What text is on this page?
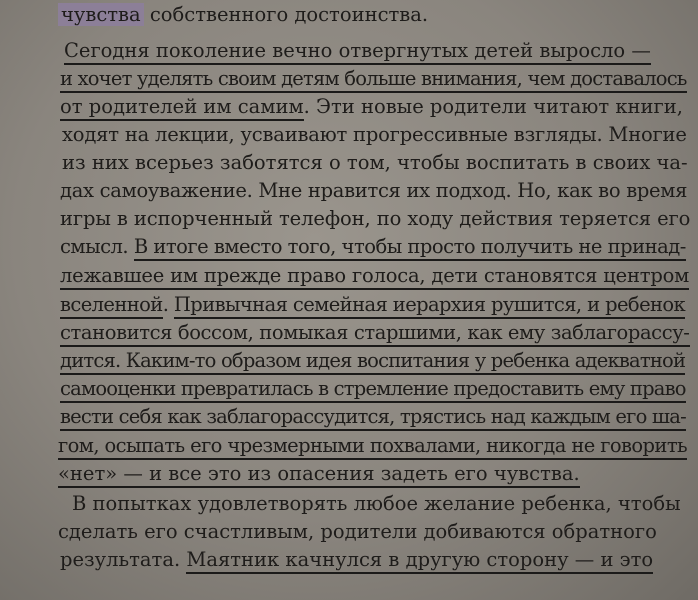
чувства собственного достоинства.
Сегодня поколение вечно отвергнутых детей выросло —
и хочет уделять своим детям больше внимания, чем доставалось
от родителей им самим. Эти новые родители читают книги,
ходят на лекции, усваивают прогрессивные взгляды. Многие
из них всерьез заботятся о том, чтобы воспитать в своих ча-
дах самоуважение. Мне нравится их подход. Но, как во время
игры в испорченный телефон, по ходу действия теряется его
смысл. В итоге вместо того, чтобы просто получить не принад-
лежавшее им прежде право голоса, дети становятся центром
вселенной. Привычная семейная иерархия рушится, и ребенок
становится боссом, помыкая старшими, как ему заблагорассу-
дится. Каким-то образом идея воспитания у ребенка адекватной
самооценки превратилась в стремление предоставить ему право
вести себя как заблагорассудится, трястись над каждым его ша-
гом, осыпать его чрезмерными похвалами, никогда не говорить
«нет» — и все это из опасения задеть его чувства.
В попытках удовлетворять любое желание ребенка, чтобы
сделать его счастливым, родители добиваются обратного
результата. Маятник качнулся в другую сторону — и это
